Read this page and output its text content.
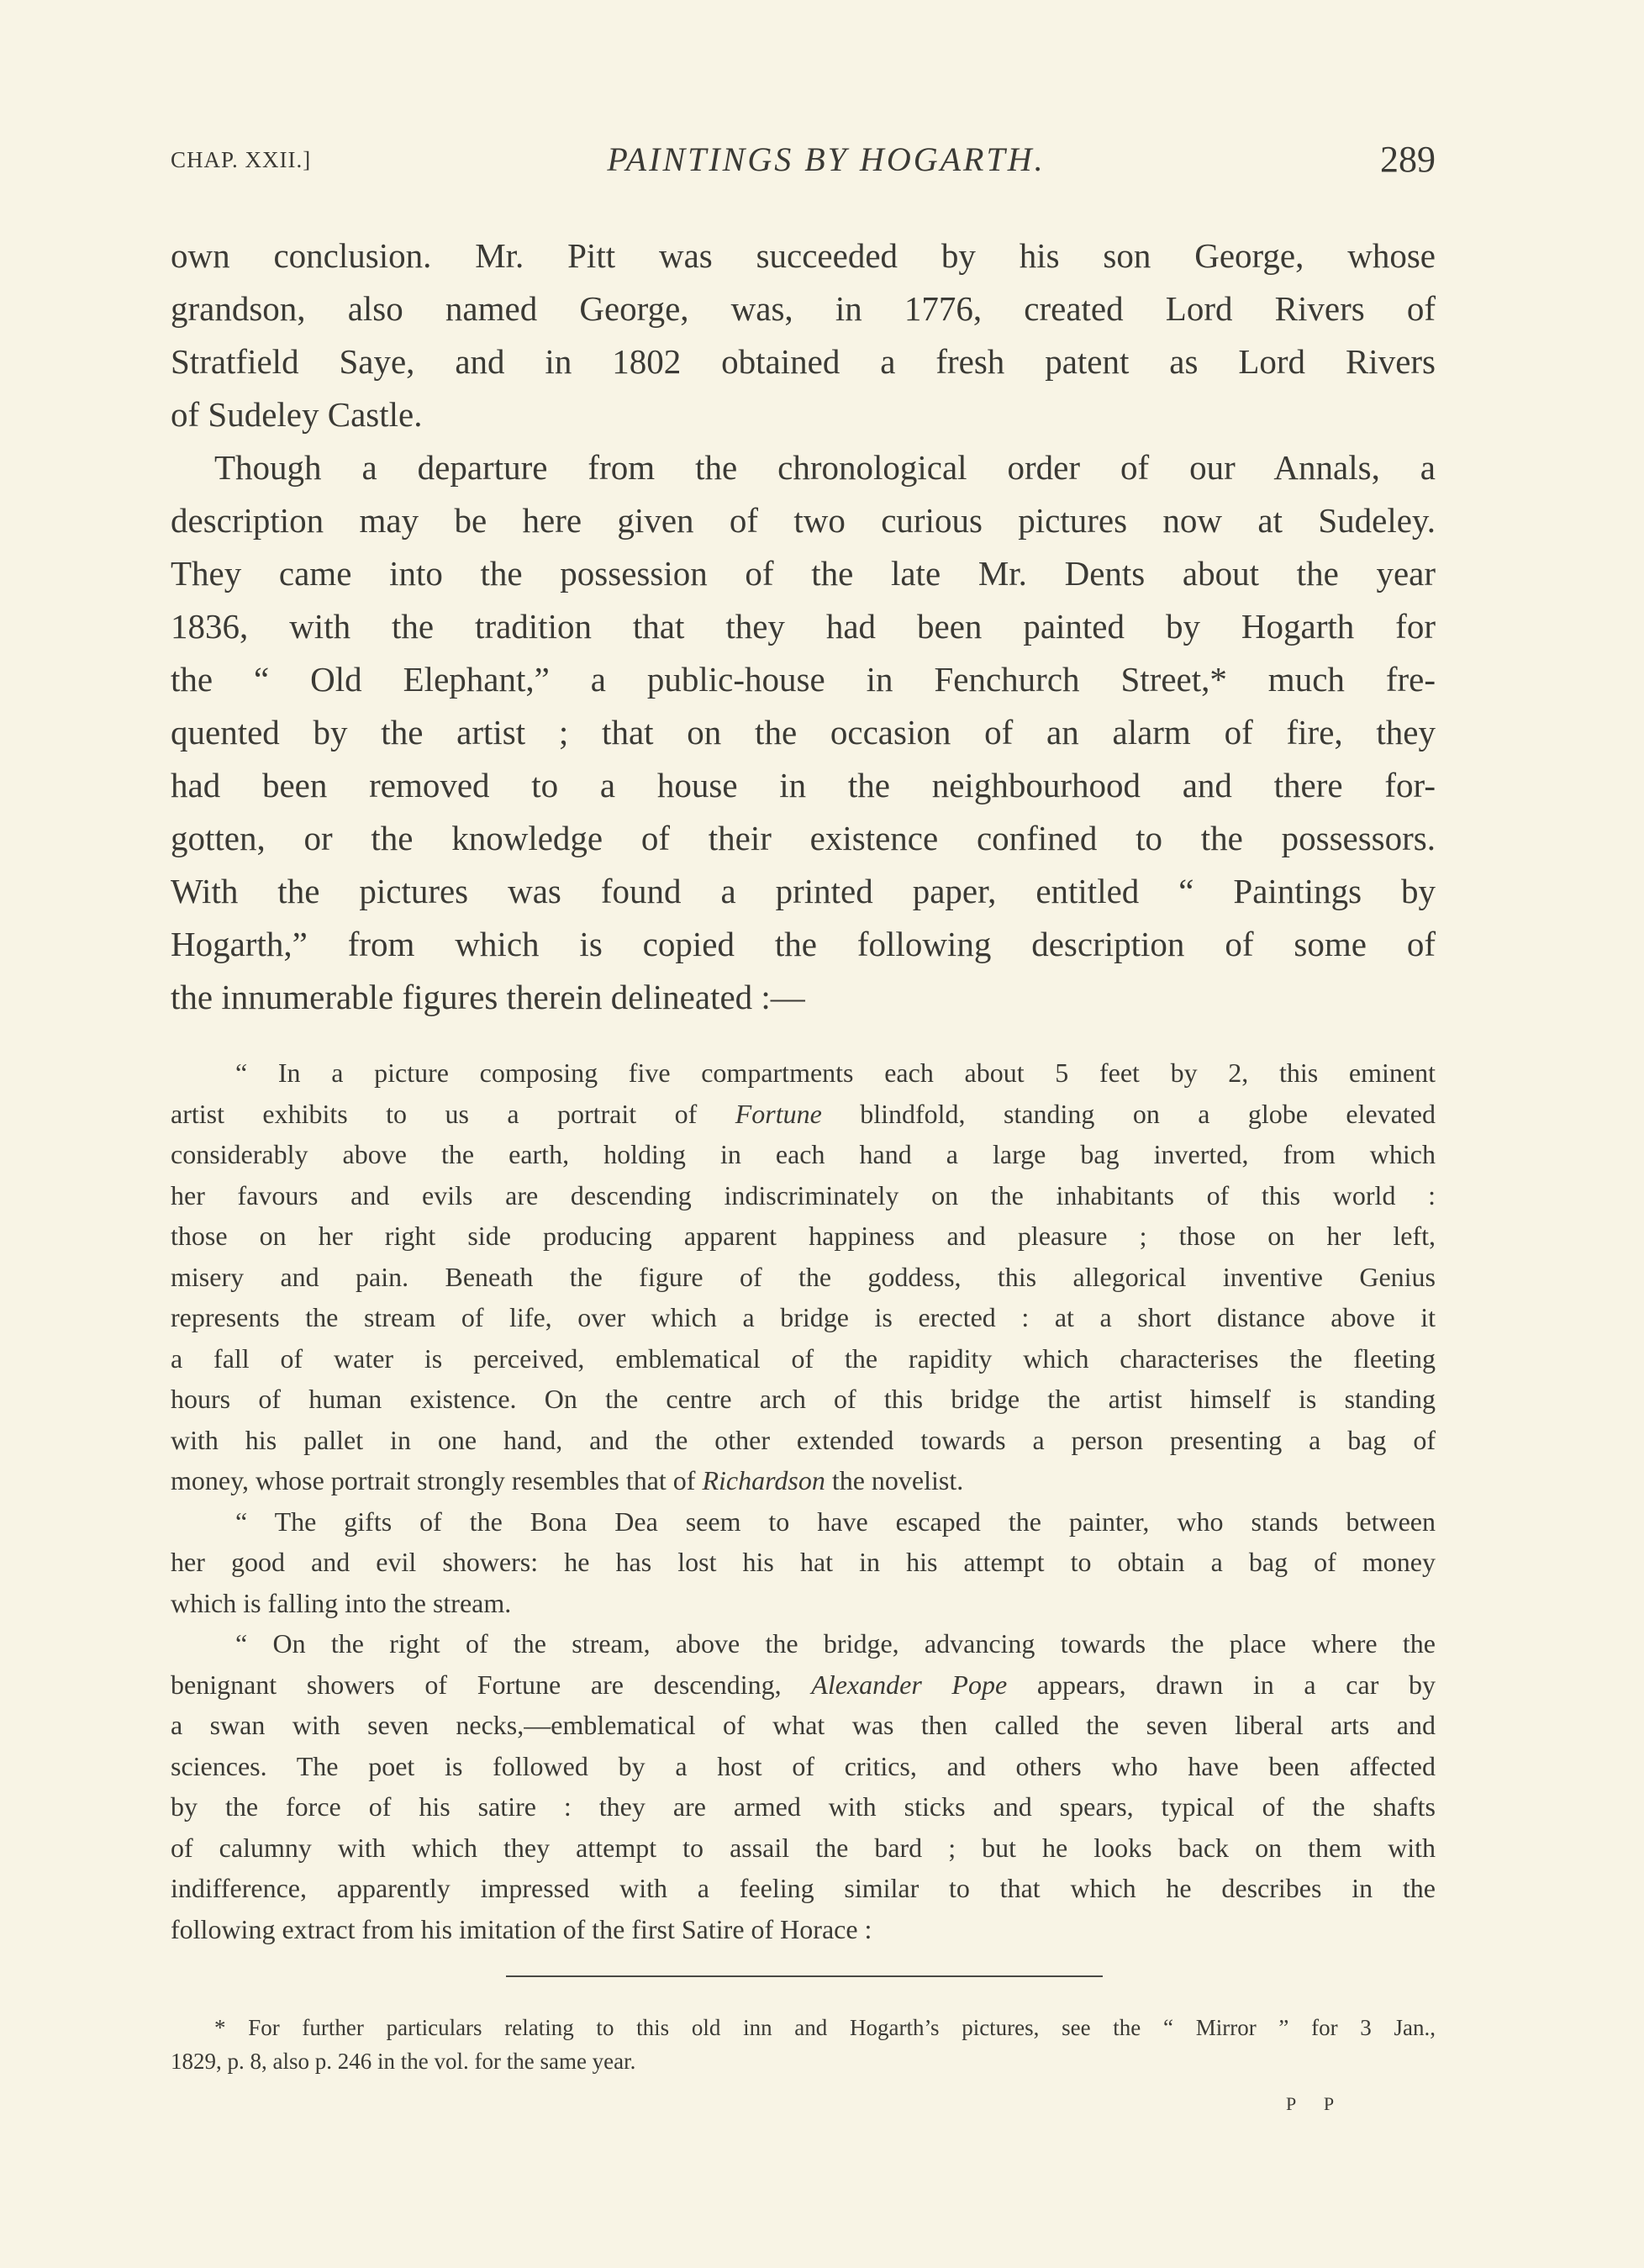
CHAP. XXII.]	PAINTINGS BY HOGARTH.	289
own conclusion. Mr. Pitt was succeeded by his son George, whose
grandson, also named George, was, in 1776, created Lord Rivers of
Stratfield Saye, and in 1802 obtained a fresh patent as Lord Rivers
of Sudeley Castle.
Though a departure from the chronological order of our Annals, a
description may be here given of two curious pictures now at Sudeley.
They came into the possession of the late Mr. Dents about the year
1836, with the tradition that they had been painted by Hogarth for
the “ Old Elephant,” a public-house in Fenchurch Street,* much fre-
quented by the artist ; that on the occasion of an alarm of fire, they
had been removed to a house in the neighbourhood and there for-
gotten, or the knowledge of their existence confined to the possessors.
With the pictures was found a printed paper, entitled “ Paintings by
Hogarth,” from which is copied the following description of some of
the innumerable figures therein delineated :—
“ In a picture composing five compartments each about 5 feet by 2, this eminent
artist exhibits to us a portrait of Fortune blindfold, standing on a globe elevated
considerably above the earth, holding in each hand a large bag inverted, from which
her favours and evils are descending indiscriminately on the inhabitants of this world :
those on her right side producing apparent happiness and pleasure ; those on her left,
misery and pain. Beneath the figure of the goddess, this allegorical inventive Genius
represents the stream of life, over which a bridge is erected : at a short distance above it
a fall of water is perceived, emblematical of the rapidity which characterises the fleeting
hours of human existence. On the centre arch of this bridge the artist himself is standing
with his pallet in one hand, and the other extended towards a person presenting a bag of
money, whose portrait strongly resembles that of Richardson the novelist.
“ The gifts of the Bona Dea seem to have escaped the painter, who stands between
her good and evil showers: he has lost his hat in his attempt to obtain a bag of money
which is falling into the stream.
“ On the right of the stream, above the bridge, advancing towards the place where the
benignant showers of Fortune are descending, Alexander Pope appears, drawn in a car by
a swan with seven necks,—emblematical of what was then called the seven liberal arts and
sciences. The poet is followed by a host of critics, and others who have been affected
by the force of his satire : they are armed with sticks and spears, typical of the shafts
of calumny with which they attempt to assail the bard ; but he looks back on them with
indifference, apparently impressed with a feeling similar to that which he describes in the
following extract from his imitation of the first Satire of Horace :
* For further particulars relating to this old inn and Hogarth’s pictures, see the “ Mirror ” for 3 Jan.,
1829, p. 8, also p. 246 in the vol. for the same year.
P P
